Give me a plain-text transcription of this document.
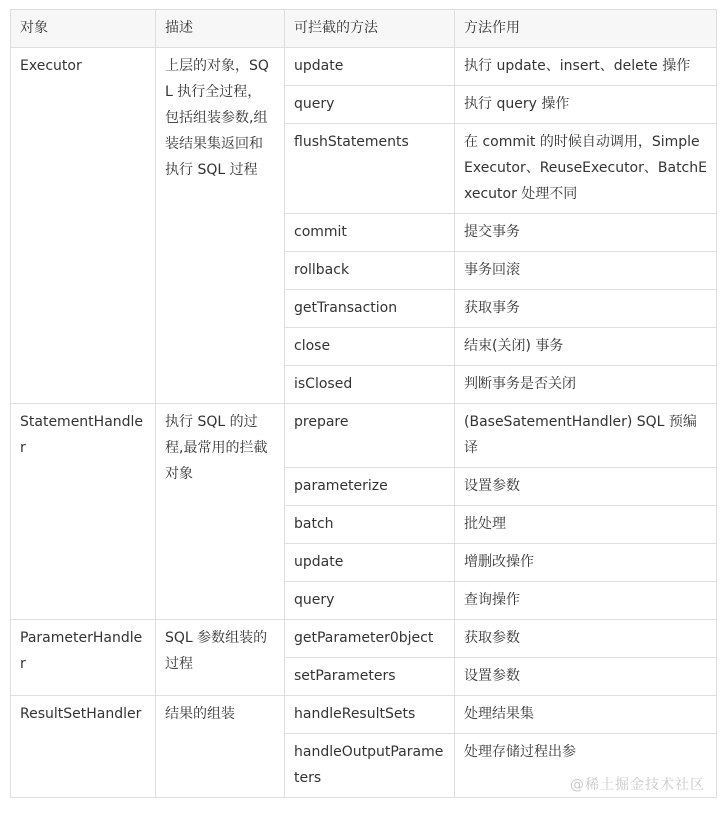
对象	描述	可拦截的方法	方法作用
Executor	上层的对象，SQL 执行全过程，包括组装参数,组装结果集返回和执行 SQL 过程	update	执行 update、insert、delete 操作
		query	执行 query 操作
		flushStatements	在 commit 的时候自动调用，SimpleExecutor、ReuseExecutor、BatchExecutor 处理不同
		commit	提交事务
		rollback	事务回滚
		getTransaction	获取事务
		close	结束(关闭) 事务
		isClosed	判断事务是否关闭
StatementHandler	执行 SQL 的过程,最常用的拦截对象	prepare	(BaseSatementHandler) SQL 预编译
		parameterize	设置参数
		batch	批处理
		update	增删改操作
		query	查询操作
ParameterHandler	SQL 参数组装的过程	getParameter0bject	获取参数
		setParameters	设置参数
ResultSetHandler	结果的组装	handleResultSets	处理结果集
		handleOutputParameters	处理存储过程出参
@稀土掘金技术社区
